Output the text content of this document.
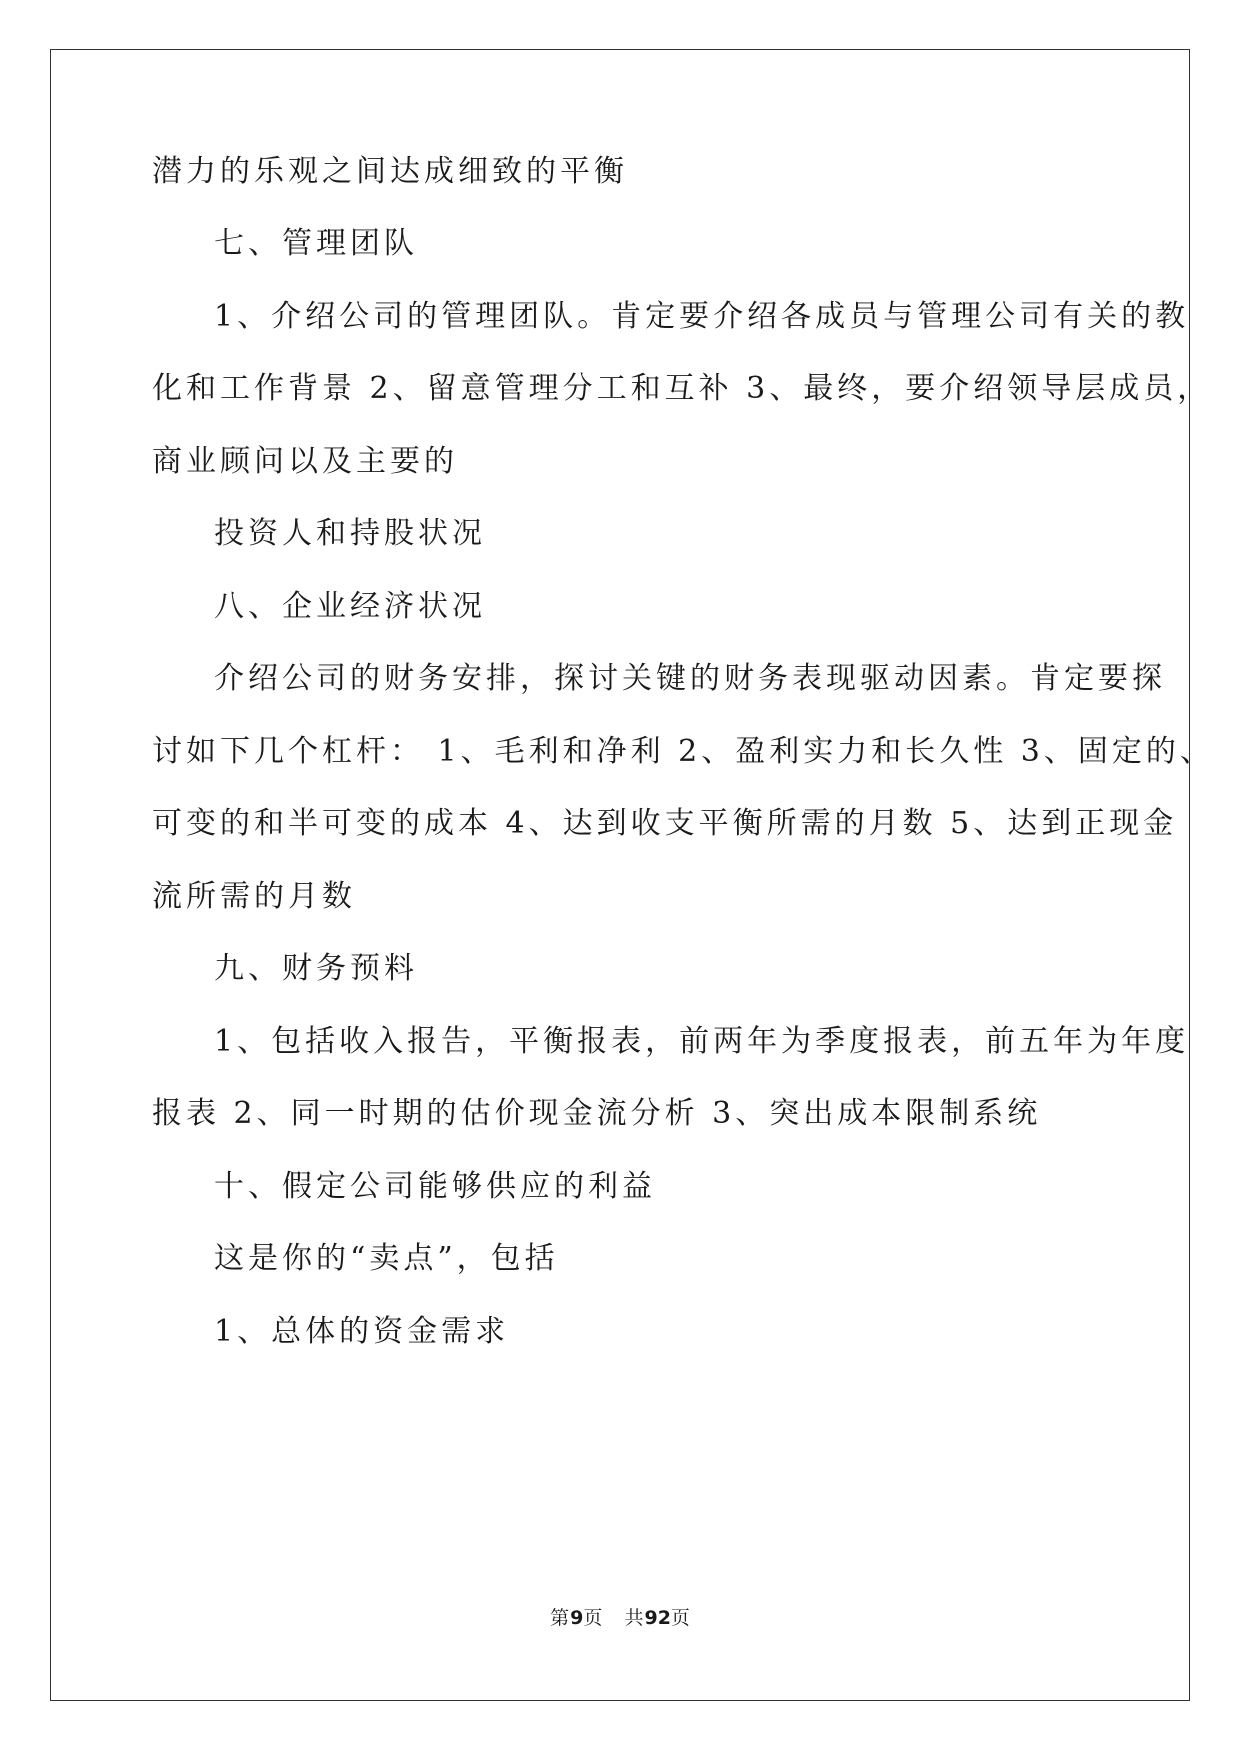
潜力的乐观之间达成细致的平衡
七、管理团队
1、介绍公司的管理团队。肯定要介绍各成员与管理公司有关的教
化和工作背景 2、留意管理分工和互补 3、最终，要介绍领导层成员，
商业顾问以及主要的
投资人和持股状况
八、企业经济状况
介绍公司的财务安排，探讨关键的财务表现驱动因素。肯定要探
讨如下几个杠杆： 1、毛利和净利 2、盈利实力和长久性 3、固定的、
可变的和半可变的成本 4、达到收支平衡所需的月数 5、达到正现金
流所需的月数
九、财务预料
1、包括收入报告，平衡报表，前两年为季度报表，前五年为年度
报表 2、同一时期的估价现金流分析 3、突出成本限制系统
十、假定公司能够供应的利益
这是你的“卖点”，包括
1、总体的资金需求
第9页 共92页
